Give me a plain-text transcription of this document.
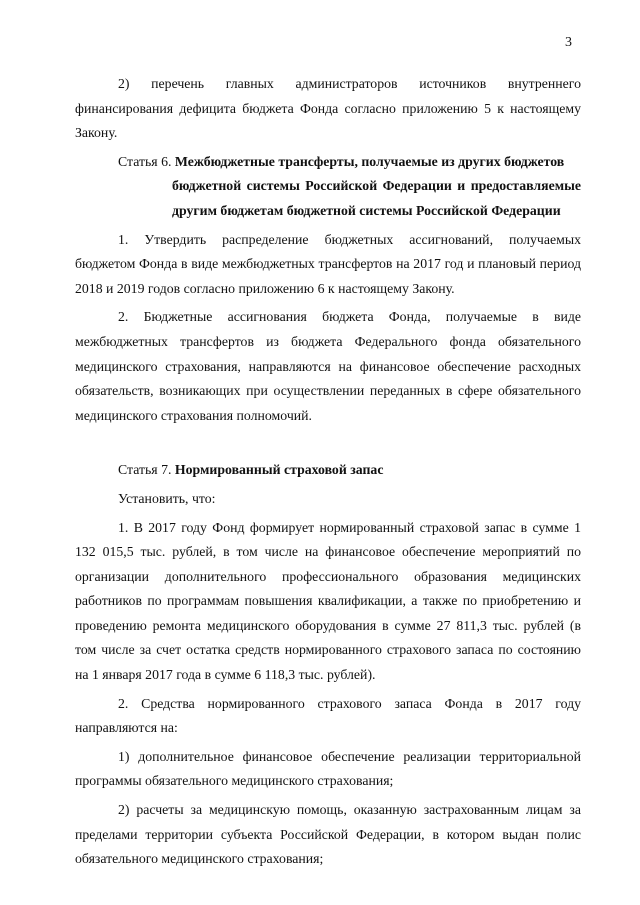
3

2) перечень главных администраторов источников внутреннего финансирования дефицита бюджета Фонда согласно приложению 5 к настоящему Закону.

Статья 6. Межбюджетные трансферты, получаемые из других бюджетов

бюджетной системы Российской Федерации и предоставляемые другим бюджетам бюджетной системы Российской Федерации

1. Утвердить распределение бюджетных ассигнований, получаемых бюджетом Фонда в виде межбюджетных трансфертов на 2017 год и плановый период 2018 и 2019 годов согласно приложению 6 к настоящему Закону.

2. Бюджетные ассигнования бюджета Фонда, получаемые в виде межбюджетных трансфертов из бюджета Федерального фонда обязательного медицинского страхования, направляются на финансовое обеспечение расходных обязательств, возникающих при осуществлении переданных в сфере обязательного медицинского страхования полномочий.

Статья 7. Нормированный страховой запас

Установить, что:

1. В 2017 году Фонд формирует нормированный страховой запас в сумме 1 132 015,5 тыс. рублей, в том числе на финансовое обеспечение мероприятий по организации дополнительного профессионального образования медицинских работников по программам повышения квалификации, а также по приобретению и проведению ремонта медицинского оборудования в сумме 27 811,3 тыс. рублей (в том числе за счет остатка средств нормированного страхового запаса по состоянию на 1 января 2017 года в сумме 6 118,3 тыс. рублей).

2. Средства нормированного страхового запаса Фонда в 2017 году направляются на:

1) дополнительное финансовое обеспечение реализации территориальной программы обязательного медицинского страхования;

2) расчеты за медицинскую помощь, оказанную застрахованным лицам за пределами территории субъекта Российской Федерации, в котором выдан полис обязательного медицинского страхования;
